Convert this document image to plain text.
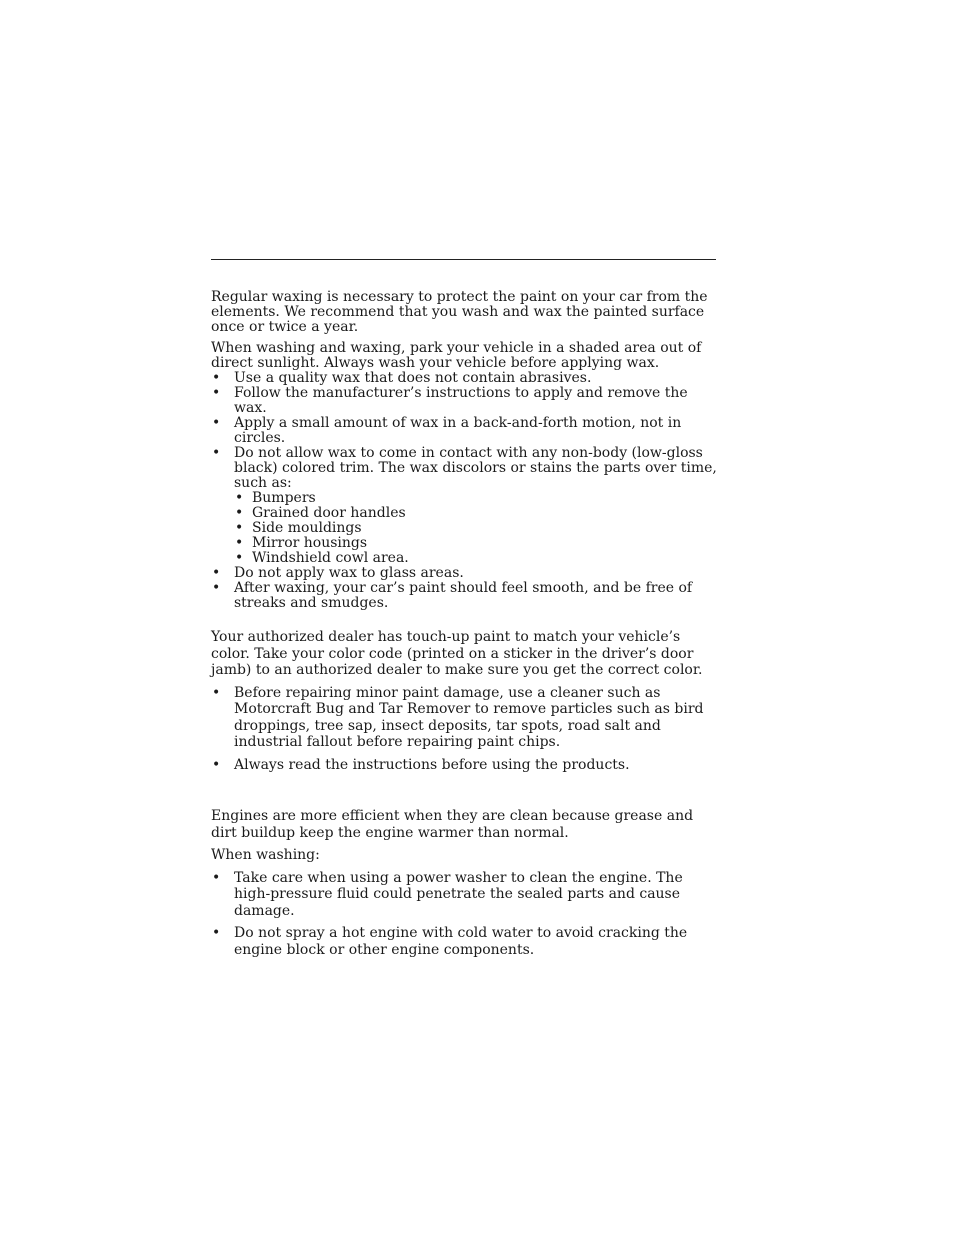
Regular waxing is necessary to protect the paint on your car from the elements. We recommend that you wash and wax the painted surface once or twice a year.

When washing and waxing, park your vehicle in a shaded area out of direct sunlight. Always wash your vehicle before applying wax.

• Use a quality wax that does not contain abrasives.
• Follow the manufacturer’s instructions to apply and remove the wax.
• Apply a small amount of wax in a back-and-forth motion, not in circles.
• Do not allow wax to come in contact with any non-body (low-gloss black) colored trim. The wax discolors or stains the parts over time, such as:
• Bumpers
• Grained door handles
• Side mouldings
• Mirror housings
• Windshield cowl area.
• Do not apply wax to glass areas.
• After waxing, your car’s paint should feel smooth, and be free of streaks and smudges.

Your authorized dealer has touch-up paint to match your vehicle’s color. Take your color code (printed on a sticker in the driver’s door jamb) to an authorized dealer to make sure you get the correct color.

• Before repairing minor paint damage, use a cleaner such as Motorcraft Bug and Tar Remover to remove particles such as bird droppings, tree sap, insect deposits, tar spots, road salt and industrial fallout before repairing paint chips.
• Always read the instructions before using the products.

Engines are more efficient when they are clean because grease and dirt buildup keep the engine warmer than normal.

When washing:

• Take care when using a power washer to clean the engine. The high-pressure fluid could penetrate the sealed parts and cause damage.
• Do not spray a hot engine with cold water to avoid cracking the engine block or other engine components.
